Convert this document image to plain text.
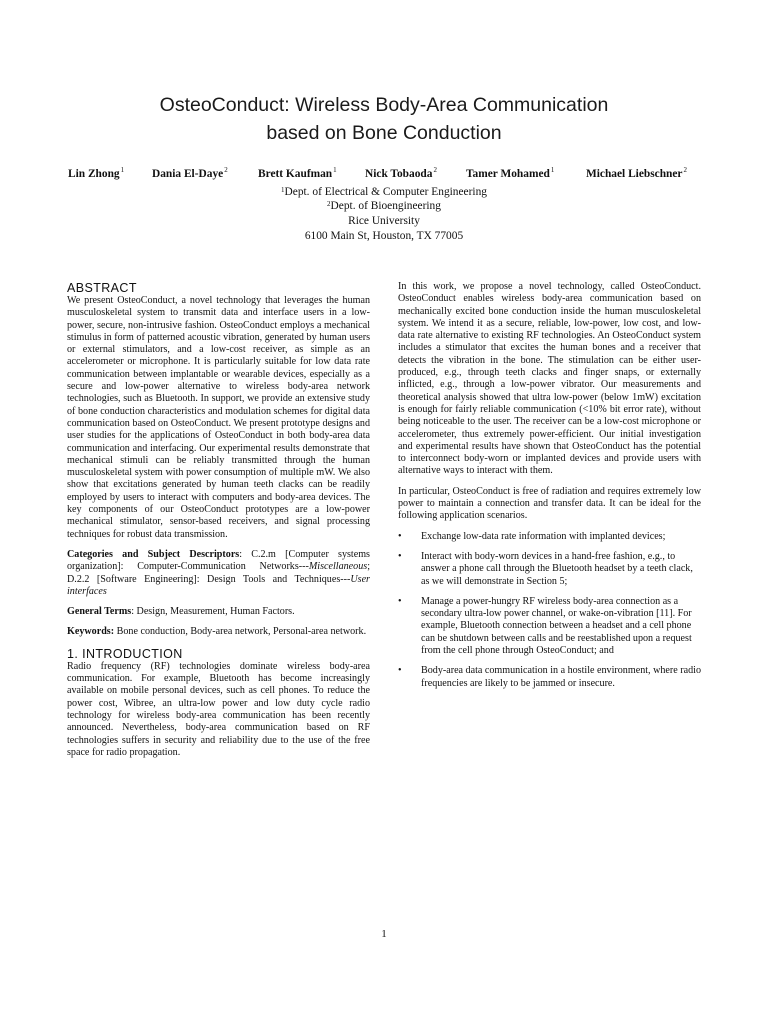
OsteoConduct: Wireless Body-Area Communication
based on Bone Conduction
Lin Zhong$^1$ Dania El-Daye$^2$	Brett Kaufman$^1$ Nick Tobaoda$^2$	Tamer Mohamed$^1$	Michael Liebschner$^2$
$^1$Dept. of Electrical & Computer Engineering
$^2$Dept. of Bioengineering
Rice University
6100 Main St, Houston, TX 77005
ABSTRACT

We present OsteoConduct, a novel technology that leverages the human musculoskeletal system to transmit data and interface users in a low-power, secure, non-intrusive fashion. OsteoConduct employs a mechanical stimulus in form of patterned acoustic vibration, generated by human users or external stimulators, and a low-cost receiver, as simple as an accelerometer or microphone. It is particularly suitable for low data rate communication between implantable or wearable devices, especially as a secure and low-power alternative to wireless body-area network technologies, such as Bluetooth. In support, we provide an extensive study of bone conduction characteristics and modulation schemes for digital data communication based on OsteoConduct. We present prototype designs and user studies for the applications of OsteoConduct in both body-area data communication and interfacing. Our experimental results demonstrate that mechanical stimuli can be reliably transmitted through the human musculoskeletal system with power consumption of multiple mW. We also show that excitations generated by human teeth clacks can be readily employed by users to interact with computers and body-area devices. The key components of our OsteoConduct prototypes are a low-power mechanical stimulator, sensor-based receivers, and signal processing techniques for robust data transmission.

Categories and Subject Descriptors: C.2.m [Computer systems organization]: Computer-Communication Networks---Miscellaneous; D.2.2 [Software Engineering]: Design Tools and Techniques---User interfaces

General Terms: Design, Measurement, Human Factors.

Keywords: Bone conduction, Body-area network, Personal-area network.

1. INTRODUCTION

Radio frequency (RF) technologies dominate wireless body-area communication. For example, Bluetooth has become increasingly available on mobile personal devices, such as cell phones. To reduce the power cost, Wibree, an ultra-low power and low duty cycle radio technology for wireless body-area communication has been recently announced. Nevertheless, body-area communication based on RF technologies suffers in security and reliability due to the use of the free space for radio propagation.

In this work, we propose a novel technology, called OsteoConduct. OsteoConduct enables wireless body-area communication based on mechanically excited bone conduction inside the human musculoskeletal system. We intend it as a secure, reliable, low-power, low cost, and low-data rate alternative to existing RF technologies. An OsteoConduct system includes a stimulator that excites the human bones and a receiver that detects the vibration in the bone. The stimulation can be either user-produced, e.g., through teeth clacks and finger snaps, or externally inflicted, e.g., through a low-power vibrator. Our measurements and theoretical analysis showed that ultra low-power (below 1mW) excitation is enough for fairly reliable communication (<10% bit error rate), without being noticeable to the user. The receiver can be a low-cost microphone or accelerometer, thus extremely power-efficient. Our initial investigation and experimental results have shown that OsteoConduct has the potential to interconnect body-worn or implanted devices and provide users with alternative ways to interact with them.

In particular, OsteoConduct is free of radiation and requires extremely low power to maintain a connection and transfer data. It can be ideal for the following application scenarios.

• Exchange low-data rate information with implanted devices;
• Interact with body-worn devices in a hand-free fashion, e.g., to answer a phone call through the Bluetooth headset by a teeth clack, as we will demonstrate in Section 5;
• Manage a power-hungry RF wireless body-area connection as a secondary ultra-low power channel, or wake-on-vibration [11]. For example, Bluetooth connection between a headset and a cell phone can be shutdown between calls and be reestablished upon a request from the cell phone through OsteoConduct; and
• Body-area data communication in a hostile environment, where radio frequencies are likely to be jammed or insecure.
1
